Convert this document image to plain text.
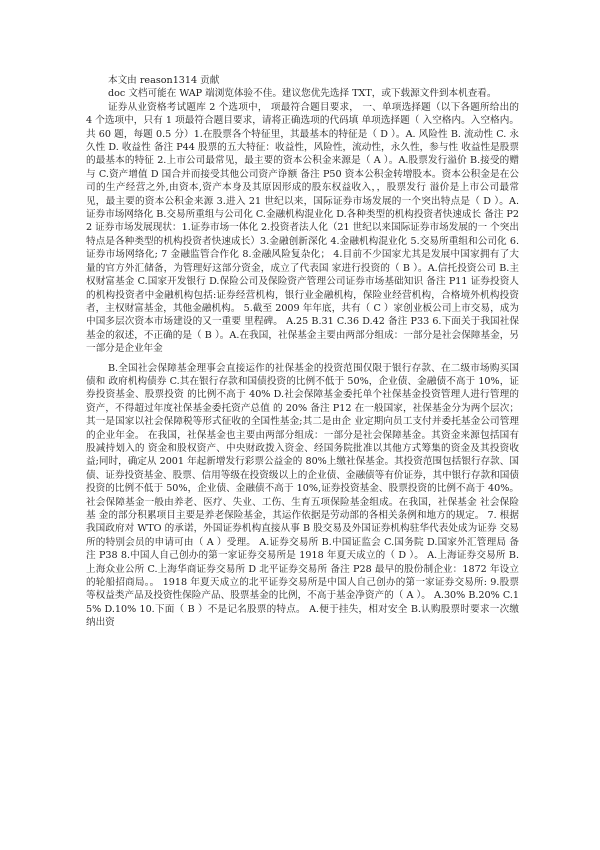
本文由 reason1314 贡献

doc 文档可能在 WAP 端浏览体验不佳。建议您优先选择 TXT，或下载源文件到本机查看。

证券从业资格考试题库 2 个选项中， 项最符合题目要求， 一、单项选择题（以下各题所给出的 4 个选项中，只有 1 项最符合题目要求，请将正确选项的代码填 单项选择题（ 入空格内。入空格内。共 60 题，每题 0.5 分）1.在股票各个特征里，其最基本的特征是（ D ）。A. 风险性 B. 流动性 C. 永久性 D. 收益性 备注 P44 股票的五大特征：收益性，风险性，流动性，永久性，参与性 收益性是股票的最基本的特征 2.上市公司最常见，最主要的资本公积金来源是（ A ）。A.股票发行溢价 B.接受的赠与 C.资产增值 D 国合并而接受其他公司资产诤额 备注 P50 资本公积金转增股本。资本公积金是在公司的生产经营之外,由资本,资产本身及其原因形成的股东权益收入，，股票发行 溢价是上市公司最常见，最主要的资本公积金来源 3.进入 21 世纪以来，国际证券市场发展的一个突出特点是（ D ）。A.证券市场网络化 B.交易所重组与公司化 C.金融机构混业化 D.各种类型的机构投资者快速成长 备注 P22 证券市场发展现状：1.证券市场一体化 2.投资者法人化（21 世纪以来国际证券市场发展的一 个突出特点是各种类型的机构投资者快速成长）3.金融创新深化 4.金融机构混业化 5.交易所重组和公司化 6.证券市场网络化; 7 金融监管合作化 8.金融风险复杂化； 4.目前不少国家尤其是发展中国家拥有了大量的官方外汇储备，为管理好这部分资金，成立了代表国 家进行投资的（ B ）。A.信托投资公司 B.主权财富基金 C.国家开发银行 D.保险公司及保险资产管理公司证券市场基础知识 备注 P11 证券投资人的机构投资者中金融机构包括:证券经营机构，银行业金融机构，保险业经营机构，合格境外机构投资者，主权财富基金，其他金融机构。 5.截至 2009 年年底，共有（ C ）家创业板公司上市交易，成为中国多层次资本市场建设的又一重要 里程碑。 A.25 B.31 C.36 D.42 备注 P33 6.下面关于我国社保基金的叙述，不正确的是（ B ）。A.在我国，社保基金主要由两部分组成：一部分是社会保障基金，另一部分是企业年金

B.全国社会保障基金理事会直接运作的社保基金的投资范围仅限于银行存款、在二级市场购买国债和 政府机构债券 C.其在银行存款和国债投资的比例不低于 50%，企业债、金融债不高于 10%，证券投资基金、股票投资 的比例不高于 40% D.社会保障基金委托单个社保基金投资管理人进行管理的资产，不得超过年度社保基金委托资产总值 的 20% 备注 P12 在一般国家，社保基金分为两个层次；其一是国家以社会保障税等形式征收的全国性基金;其二是由企 业定期向员工支付并委托基金公司管理的企业年金。 在我国，社保基金也主要由两部分组成：一部分是社会保障基金。其资金来源包括国有股减持划入的 资金和股权资产、中央财政拨入资金、经国务院批准以其他方式筹集的资金及其投资收益;同时，确定从 2001 年起新增发行彩票公益金的 80%上缴社保基金。其投资范围包括银行存款、国债、证券投资基金、股票、信用等级在投资级以上的企业债、金融债等有价证券，其中银行存款和国债投资的比例不低于 50%，企业债、金融债不高于 10%,证券投资基金、股票投资的比例不高于 40%。社会保障基金一般由养老、医疗、失业、工伤、生育五项保险基金组成。在我国，社保基金 社会保险基 金的部分积累项目主要是养老保险基金，其运作依据是劳动部的各相关条例和地方的规定。 7. 根据我国政府对 WTO 的承诺，外国证券机构直接从事 B 股交易及外国证券机构驻华代表处成为证券 交易所的特别会员的申请可由（ A ）受理。 A.证券交易所 B.中国证监会 C.国务院 D.国家外汇管理局 备注 P38 8.中国人自己创办的第一家证券交易所是 1918 年夏天成立的（ D ）。 A.上海证券交易所 B.上海众业公所 C.上海华商证券交易所 D 北平证券交易所 备注 P28 最早的股份制企业：1872 年设立的轮船招商局。。 1918 年夏天成立的北平证券交易所是中国人自己创办的第一家证券交易所: 9.股票等权益类产品及投资性保险产品、股票基金的比例，不高于基金净资产的（ A ）。 A.30% B.20% C.15% D.10% 10.下面（ B ）不是记名股票的特点。 A.便于挂失，相对安全 B.认购股票时要求一次缴纳出资
